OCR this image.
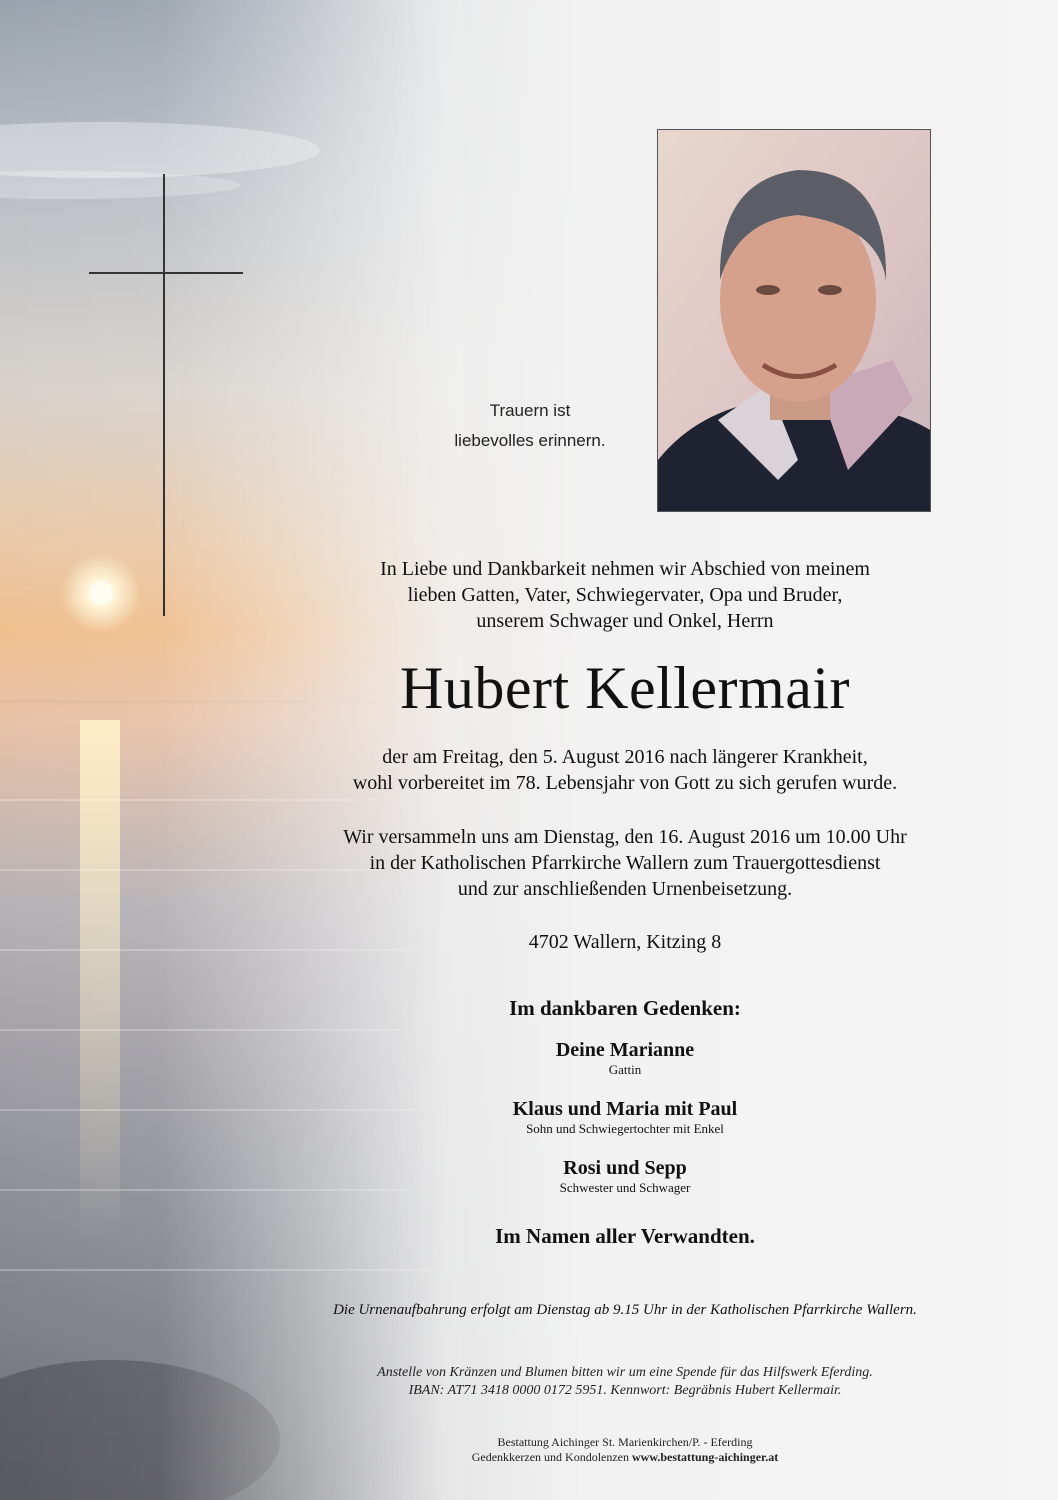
Trauern ist
liebevolles erinnern.
In Liebe und Dankbarkeit nehmen wir Abschied von meinem
lieben Gatten, Vater, Schwiegervater, Opa und Bruder,
unserem Schwager und Onkel, Herrn
Hubert Kellermair
der am Freitag, den 5. August 2016 nach längerer Krankheit,
wohl vorbereitet im 78. Lebensjahr von Gott zu sich gerufen wurde.
Wir versammeln uns am Dienstag, den 16. August 2016 um 10.00 Uhr
in der Katholischen Pfarrkirche Wallern zum Trauergottesdienst
und zur anschließenden Urnenbeisetzung.
4702 Wallern, Kitzing 8
Im dankbaren Gedenken:
Deine Marianne
Gattin
Klaus und Maria mit Paul
Sohn und Schwiegertochter mit Enkel
Rosi und Sepp
Schwester und Schwager
Im Namen aller Verwandten.
Die Urnenaufbahrung erfolgt am Dienstag ab 9.15 Uhr in der Katholischen Pfarrkirche Wallern.
Anstelle von Kränzen und Blumen bitten wir um eine Spende für das Hilfswerk Eferding.
IBAN: AT71 3418 0000 0172 5951. Kennwort: Begräbnis Hubert Kellermair.
Bestattung Aichinger St. Marienkirchen/P. - Eferding
Gedenkkerzen und Kondolenzen www.bestattung-aichinger.at
